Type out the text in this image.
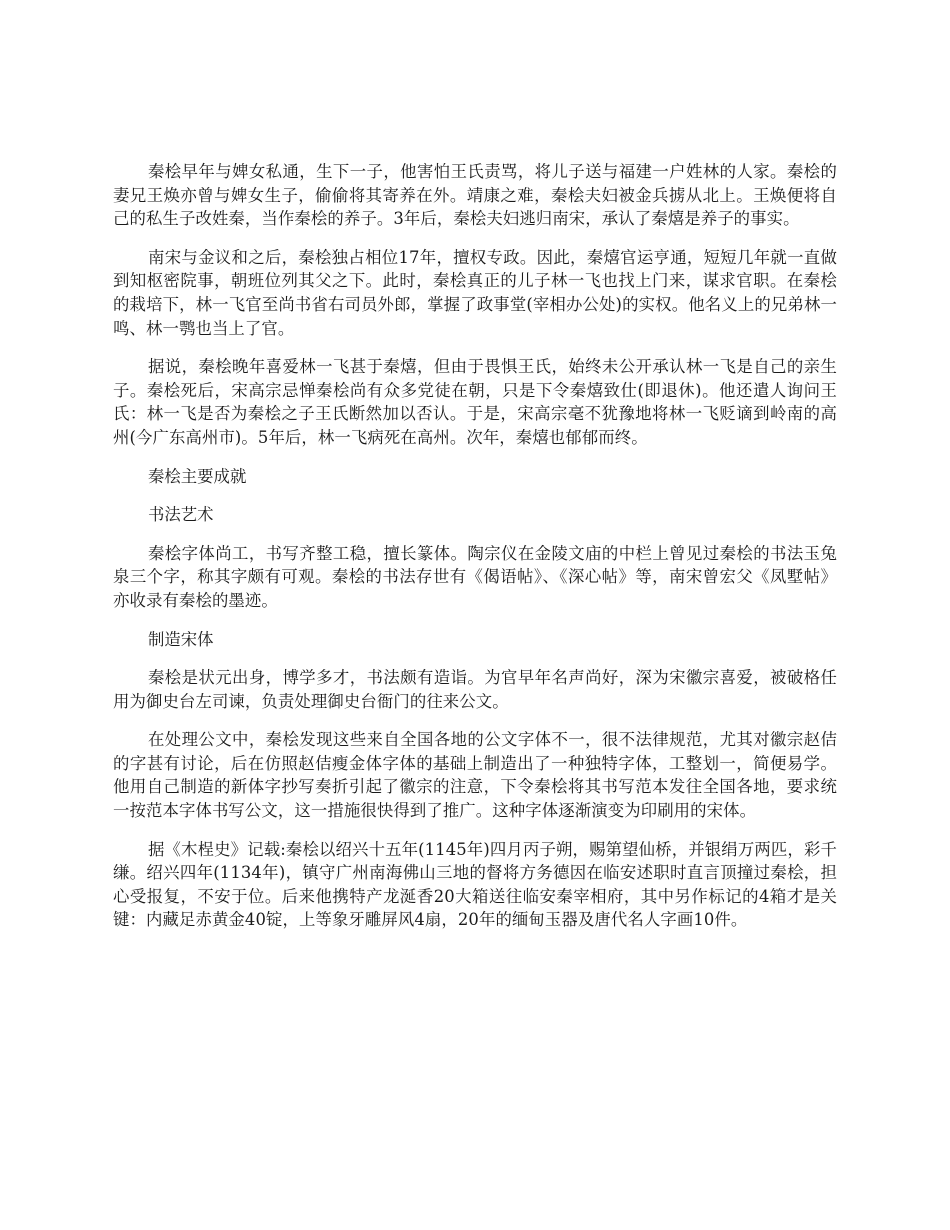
秦桧早年与婢女私通，生下一子，他害怕王氏责骂，将儿子送与福建一户姓林的人家。秦桧的妻兄王焕亦曾与婢女生子，偷偷将其寄养在外。靖康之难，秦桧夫妇被金兵掳从北上。王焕便将自己的私生子改姓秦，当作秦桧的养子。3年后，秦桧夫妇逃归南宋，承认了秦熺是养子的事实。

南宋与金议和之后，秦桧独占相位17年，擅权专政。因此，秦熺官运亨通，短短几年就一直做到知枢密院事，朝班位列其父之下。此时，秦桧真正的儿子林一飞也找上门来，谋求官职。在秦桧的栽培下，林一飞官至尚书省右司员外郎，掌握了政事堂(宰相办公处)的实权。他名义上的兄弟林一鸣、林一鹗也当上了官。

据说，秦桧晚年喜爱林一飞甚于秦熺，但由于畏惧王氏，始终未公开承认林一飞是自己的亲生子。秦桧死后，宋高宗忌惮秦桧尚有众多党徒在朝，只是下令秦熺致仕(即退休)。他还遣人询问王氏：林一飞是否为秦桧之子王氏断然加以否认。于是，宋高宗毫不犹豫地将林一飞贬谪到岭南的高州(今广东高州市)。5年后，林一飞病死在高州。次年，秦熺也郁郁而终。

秦桧主要成就

书法艺术

秦桧字体尚工，书写齐整工稳，擅长篆体。陶宗仪在金陵文庙的中栏上曾见过秦桧的书法玉兔泉三个字，称其字颇有可观。秦桧的书法存世有《偈语帖》、《深心帖》等，南宋曾宏父《凤墅帖》亦收录有秦桧的墨迹。

制造宋体

秦桧是状元出身，博学多才，书法颇有造诣。为官早年名声尚好，深为宋徽宗喜爱，被破格任用为御史台左司谏，负责处理御史台衙门的往来公文。

在处理公文中，秦桧发现这些来自全国各地的公文字体不一，很不法律规范，尤其对徽宗赵佶的字甚有讨论，后在仿照赵佶瘦金体字体的基础上制造出了一种独特字体，工整划一，简便易学。他用自己制造的新体字抄写奏折引起了徽宗的注意，下令秦桧将其书写范本发往全国各地，要求统一按范本字体书写公文，这一措施很快得到了推广。这种字体逐渐演变为印刷用的宋体。

据《木桯史》记载:秦桧以绍兴十五年(1145年)四月丙子朔，赐第望仙桥，并银绢万两匹，彩千缣。绍兴四年(1134年)，镇守广州南海佛山三地的督将方务德因在临安述职时直言顶撞过秦桧，担心受报复，不安于位。后来他携特产龙涎香20大箱送往临安秦宰相府，其中另作标记的4箱才是关键：内藏足赤黄金40锭，上等象牙雕屏风4扇，20年的缅甸玉器及唐代名人字画10件。
